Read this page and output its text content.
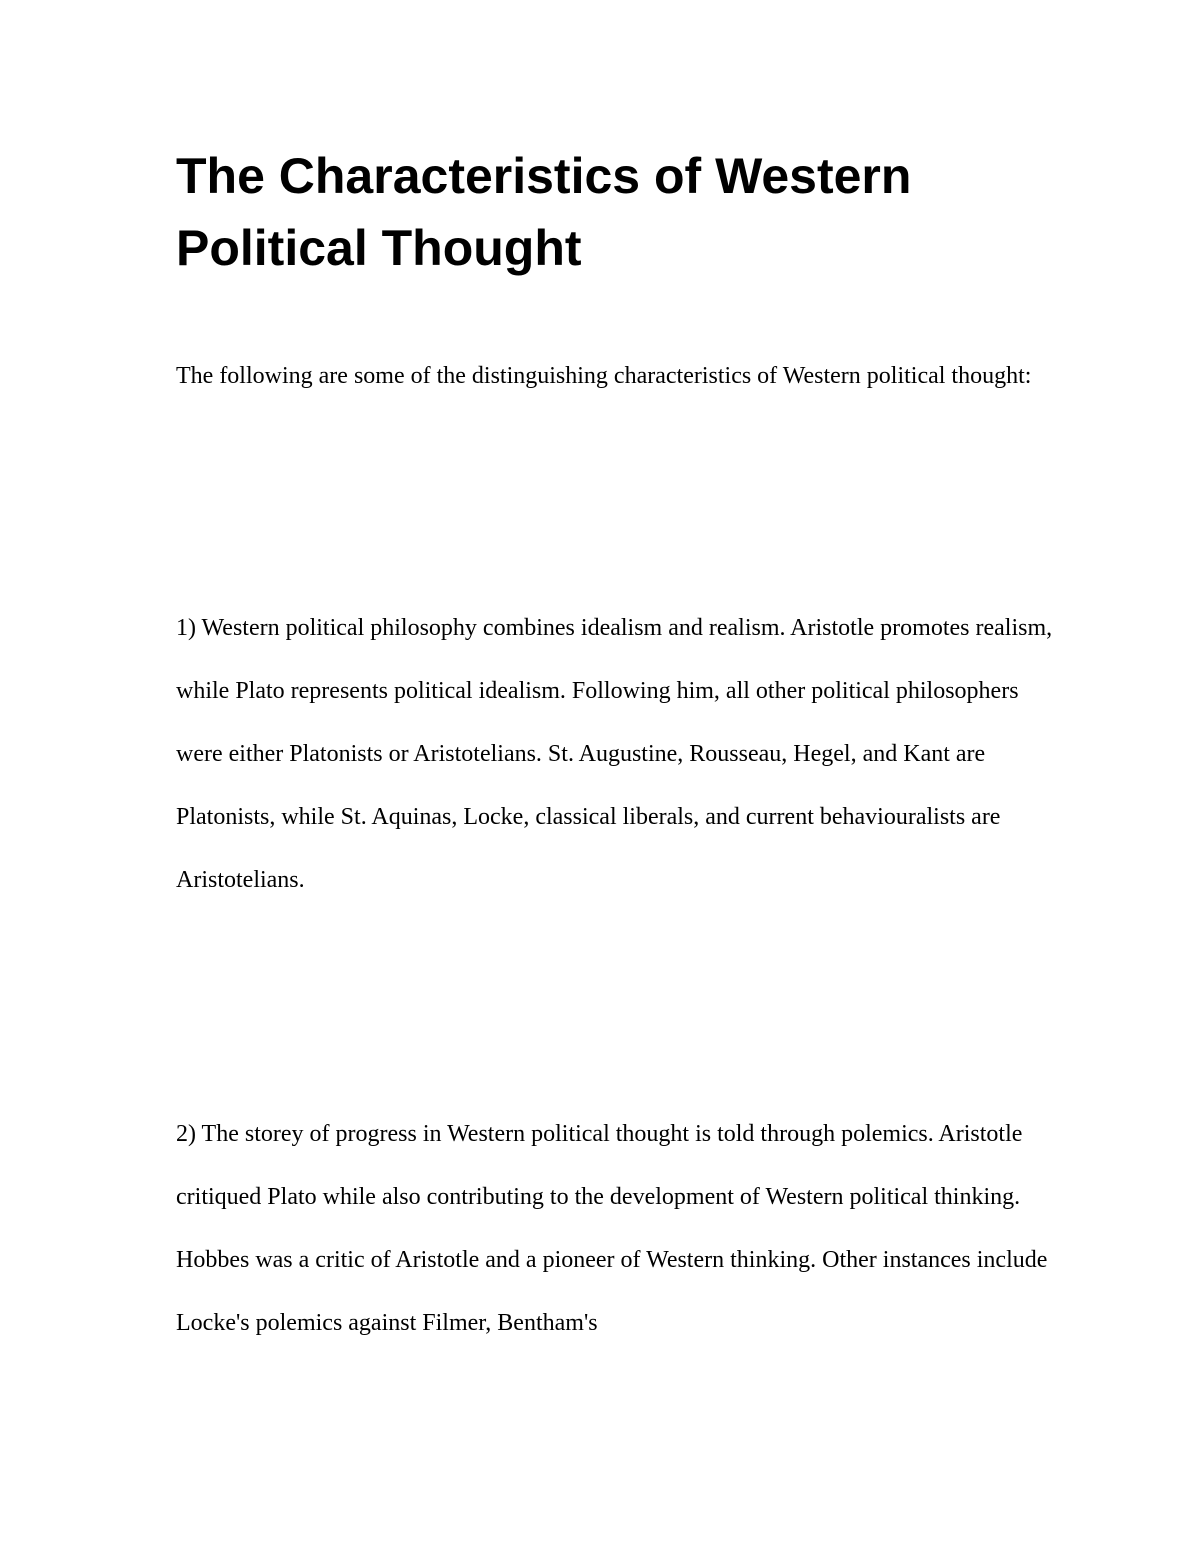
The Characteristics of Western Political Thought

The following are some of the distinguishing characteristics of Western political thought:

1) Western political philosophy combines idealism and realism. Aristotle promotes realism, while Plato represents political idealism. Following him, all other political philosophers were either Platonists or Aristotelians. St. Augustine, Rousseau, Hegel, and Kant are Platonists, while St. Aquinas, Locke, classical liberals, and current behaviouralists are Aristotelians.

2) The storey of progress in Western political thought is told through polemics. Aristotle critiqued Plato while also contributing to the development of Western political thinking. Hobbes was a critic of Aristotle and a pioneer of Western thinking. Other instances include Locke's polemics against Filmer, Bentham's
